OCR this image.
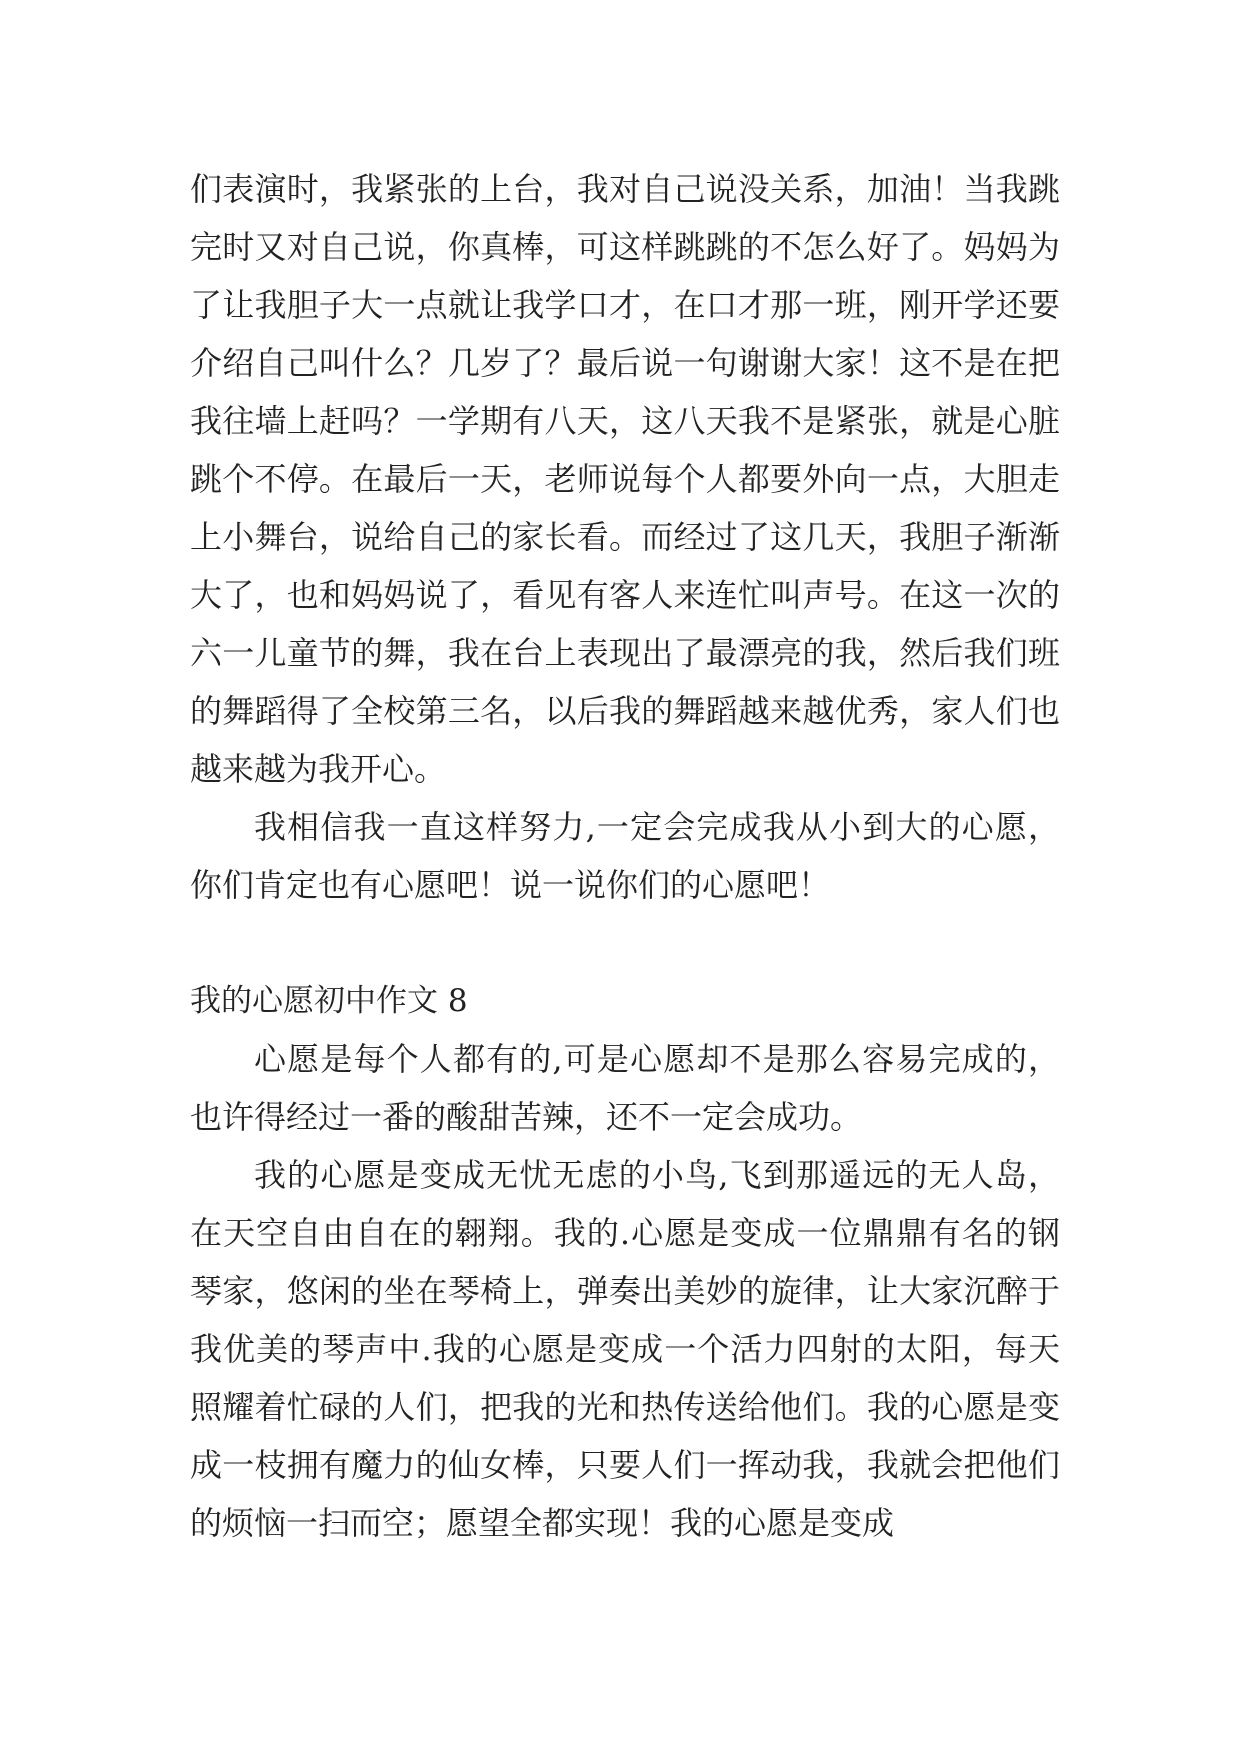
们表演时，我紧张的上台，我对自己说没关系，加油！当我跳完时又对自己说，你真棒，可这样跳跳的不怎么好了。妈妈为了让我胆子大一点就让我学口才，在口才那一班，刚开学还要介绍自己叫什么？几岁了？最后说一句谢谢大家！这不是在把我往墙上赶吗？一学期有八天，这八天我不是紧张，就是心脏跳个不停。在最后一天，老师说每个人都要外向一点，大胆走上小舞台，说给自己的家长看。而经过了这几天，我胆子渐渐大了，也和妈妈说了，看见有客人来连忙叫声号。在这一次的六一儿童节的舞，我在台上表现出了最漂亮的我，然后我们班的舞蹈得了全校第三名，以后我的舞蹈越来越优秀，家人们也越来越为我开心。

我相信我一直这样努力,一定会完成我从小到大的心愿，你们肯定也有心愿吧！说一说你们的心愿吧！

我的心愿初中作文 8

心愿是每个人都有的,可是心愿却不是那么容易完成的，也许得经过一番的酸甜苦辣，还不一定会成功。

我的心愿是变成无忧无虑的小鸟,飞到那遥远的无人岛，在天空自由自在的翱翔。我的.心愿是变成一位鼎鼎有名的钢琴家，悠闲的坐在琴椅上，弹奏出美妙的旋律，让大家沉醉于我优美的琴声中.我的心愿是变成一个活力四射的太阳，每天照耀着忙碌的人们，把我的光和热传送给他们。我的心愿是变成一枝拥有魔力的仙女棒，只要人们一挥动我，我就会把他们的烦恼一扫而空；愿望全都实现！我的心愿是变成
